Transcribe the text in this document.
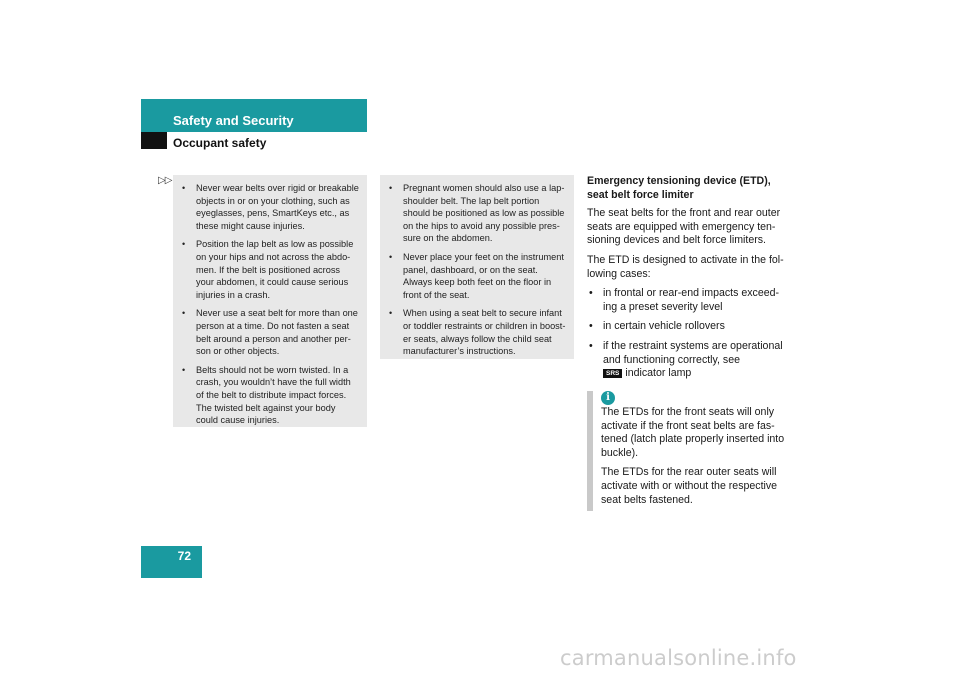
Safety and Security
Occupant safety
▷▷
• Never wear belts over rigid or breakable objects in or on your clothing, such as eyeglasses, pens, SmartKeys etc., as these might cause injuries.
• Position the lap belt as low as possible on your hips and not across the abdo-men. If the belt is positioned across your abdomen, it could cause serious injuries in a crash.
• Never use a seat belt for more than one person at a time. Do not fasten a seat belt around a person and another per-son or other objects.
• Belts should not be worn twisted. In a crash, you wouldn’t have the full width of the belt to distribute impact forces. The twisted belt against your body could cause injuries.
• Pregnant women should also use a lap-shoulder belt. The lap belt portion should be positioned as low as possible on the hips to avoid any possible pres-sure on the abdomen.
• Never place your feet on the instrument panel, dashboard, or on the seat. Always keep both feet on the floor in front of the seat.
• When using a seat belt to secure infant or toddler restraints or children in boost-er seats, always follow the child seat manufacturer’s instructions.
Emergency tensioning device (ETD), seat belt force limiter

The seat belts for the front and rear outer seats are equipped with emergency ten-sioning devices and belt force limiters.

The ETD is designed to activate in the fol-lowing cases:

• in frontal or rear-end impacts exceed-ing a preset severity level
• in certain vehicle rollovers
• if the restraint systems are operational and functioning correctly, see
SRS indicator lamp
i

The ETDs for the front seats will only activate if the front seat belts are fas-tened (latch plate properly inserted into buckle).

The ETDs for the rear outer seats will activate with or without the respective seat belts fastened.

72
carmanualsonline.info
